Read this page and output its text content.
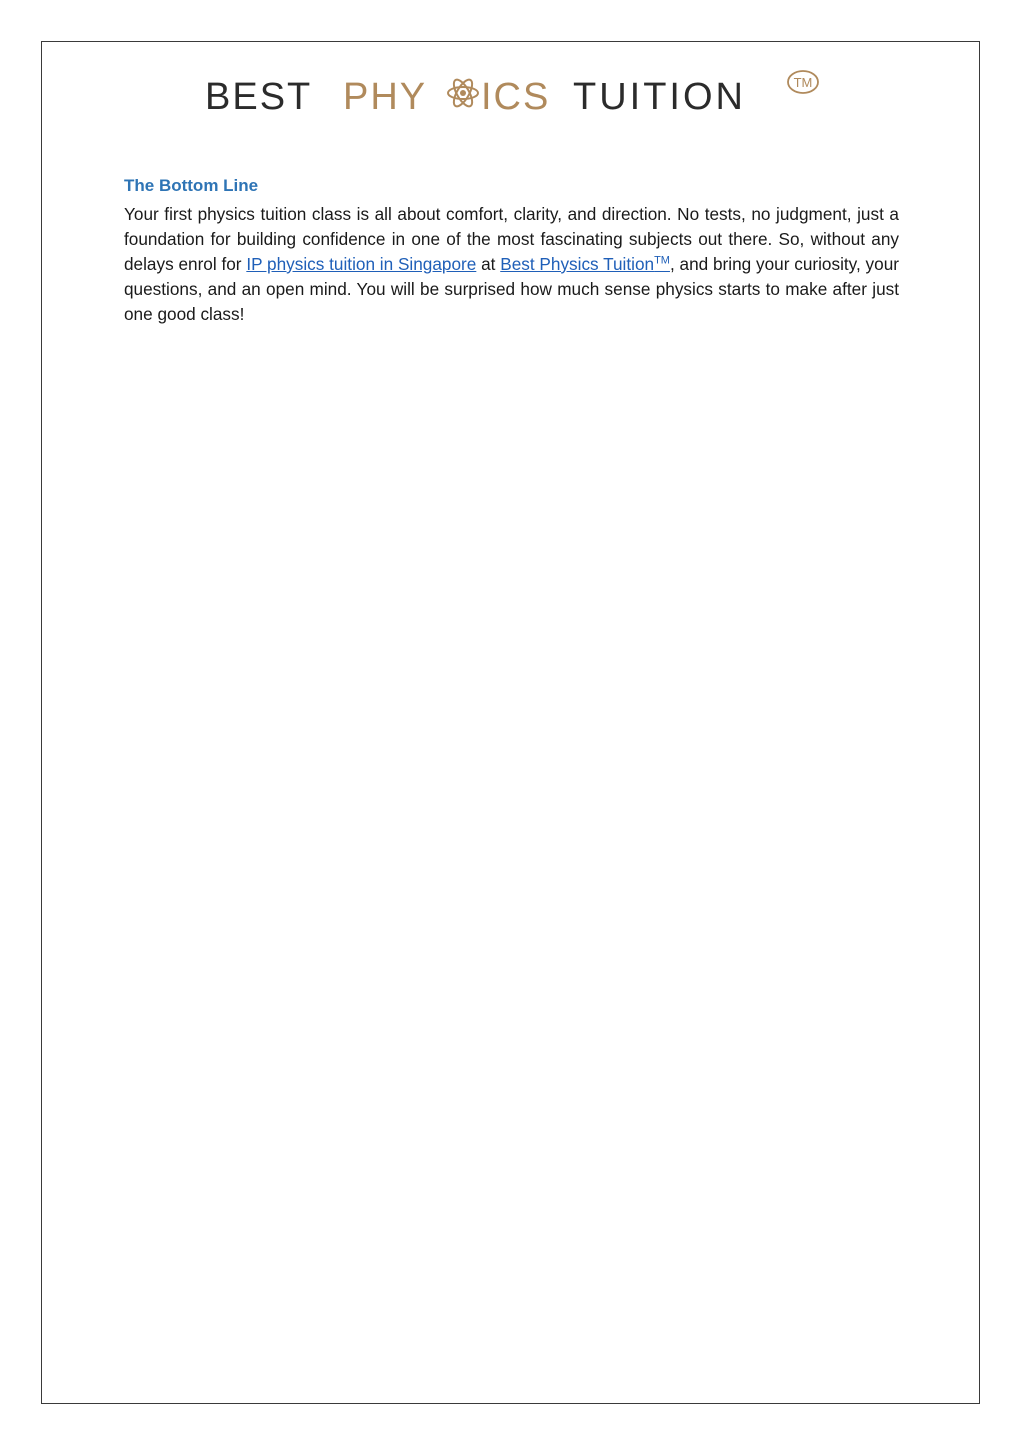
BEST PHY ICS TUITION	TM
The Bottom Line

Your first physics tuition class is all about comfort, clarity, and direction. No tests, no judgment, just a foundation for building confidence in one of the most fascinating subjects out there. So, without any delays enrol for IP physics tuition in Singapore at Best Physics Tuition™, and bring your curiosity, your questions, and an open mind. You will be surprised how much sense physics starts to make after just one good class!
